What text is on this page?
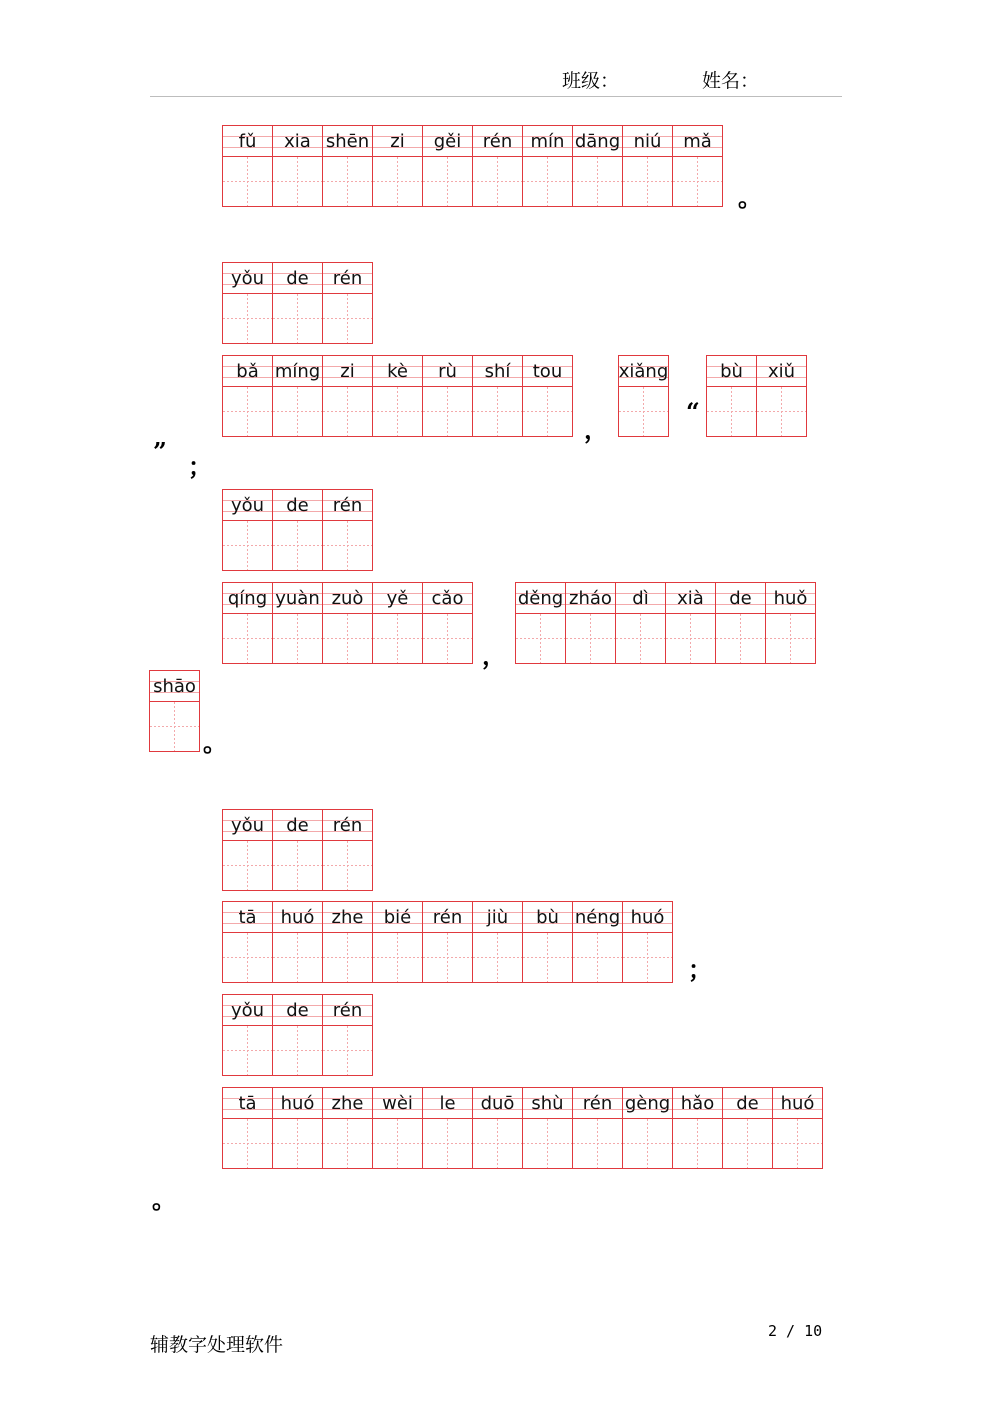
班级：	姓名：
fǔ	xia shēn	zi	gěi	rén	mín dāng niú	mǎ
。
yǒu	de	rén
bǎ míng	zi	kè	rù	shí	tou
，
xiǎng
“
bù	xiǔ
”
；
yǒu	de	rén
qíng yuàn zuò	yě	cǎo
，
děng zháo	dì	xià	de	huǒ
shāo
。
yǒu	de	rén
tā	huó zhe	bié	rén	jiù	bù néng huó
；
yǒu	de	rén
tā	huó zhe	wèi	le	duō shù	rén gèng hǎo	de	huó
。
辅教字处理软件
2 / 10
